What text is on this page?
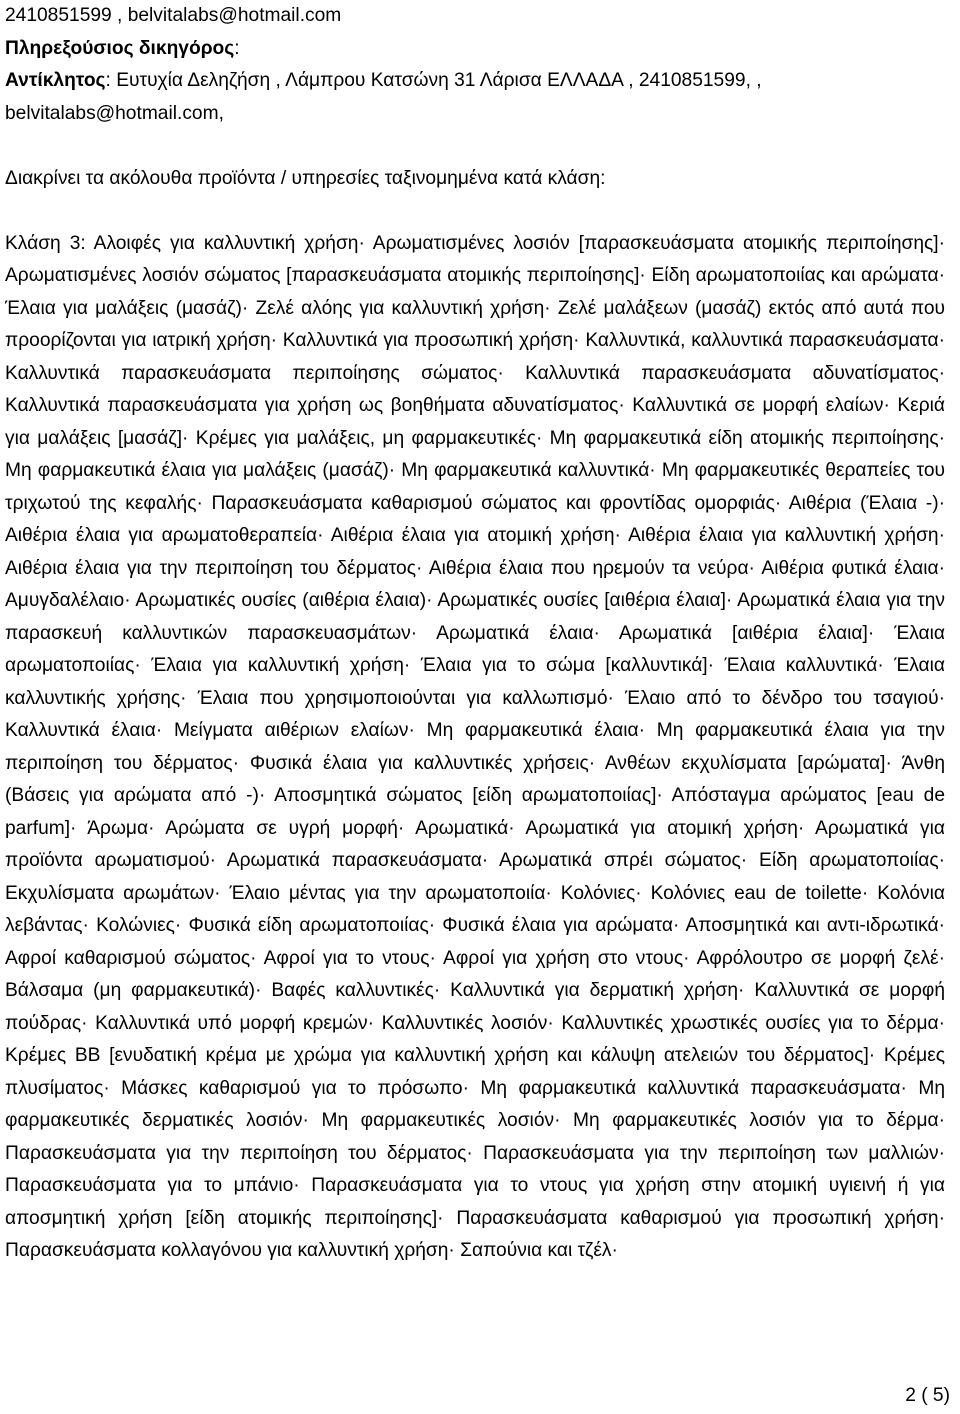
2410851599 , belvitalabs@hotmail.com
Πληρεξούσιος δικηγόρος:
Αντίκλητος: Ευτυχία Δεληζήση , Λάμπρου Κατσώνη 31 Λάρισα ΕΛΛΑΔΑ , 2410851599, ,
belvitalabs@hotmail.com,
Διακρίνει τα ακόλουθα προϊόντα / υπηρεσίες ταξινομημένα κατά κλάση:
Κλάση 3: Αλοιφές για καλλυντική χρήση· Αρωματισμένες λοσιόν [παρασκευάσματα ατομικής περιποίησης]· Αρωματισμένες λοσιόν σώματος [παρασκευάσματα ατομικής περιποίησης]· Είδη αρωματοποιίας και αρώματα· Έλαια για μαλάξεις (μασάζ)· Ζελέ αλόης για καλλυντική χρήση· Ζελέ μαλάξεων (μασάζ) εκτός από αυτά που προορίζονται για ιατρική χρήση· Καλλυντικά για προσωπική χρήση· Καλλυντικά, καλλυντικά παρασκευάσματα· Καλλυντικά παρασκευάσματα περιποίησης σώματος· Καλλυντικά παρασκευάσματα αδυνατίσματος· Καλλυντικά παρασκευάσματα για χρήση ως βοηθήματα αδυνατίσματος· Καλλυντικά σε μορφή ελαίων· Κεριά για μαλάξεις [μασάζ]· Κρέμες για μαλάξεις, μη φαρμακευτικές· Μη φαρμακευτικά είδη ατομικής περιποίησης· Μη φαρμακευτικά έλαια για μαλάξεις (μασάζ)· Μη φαρμακευτικά καλλυντικά· Μη φαρμακευτικές θεραπείες του τριχωτού της κεφαλής· Παρασκευάσματα καθαρισμού σώματος και φροντίδας ομορφιάς· Αιθέρια (Έλαια -)· Αιθέρια έλαια για αρωματοθεραπεία· Αιθέρια έλαια για ατομική χρήση· Αιθέρια έλαια για καλλυντική χρήση· Αιθέρια έλαια για την περιποίηση του δέρματος· Αιθέρια έλαια που ηρεμούν τα νεύρα· Αιθέρια φυτικά έλαια· Αμυγδαλέλαιο· Αρωματικές ουσίες (αιθέρια έλαια)· Αρωματικές ουσίες [αιθέρια έλαια]· Αρωματικά έλαια για την παρασκευή καλλυντικών παρασκευασμάτων· Αρωματικά έλαια· Αρωματικά [αιθέρια έλαια]· Έλαια αρωματοποιίας· Έλαια για καλλυντική χρήση· Έλαια για το σώμα [καλλυντικά]· Έλαια καλλυντικά· Έλαια καλλυντικής χρήσης· Έλαια που χρησιμοποιούνται για καλλωπισμό· Έλαιο από το δένδρο του τσαγιού· Καλλυντικά έλαια· Μείγματα αιθέριων ελαίων· Μη φαρμακευτικά έλαια· Μη φαρμακευτικά έλαια για την περιποίηση του δέρματος· Φυσικά έλαια για καλλυντικές χρήσεις· Ανθέων εκχυλίσματα [αρώματα]· Άνθη (Βάσεις για αρώματα από -)· Αποσμητικά σώματος [είδη αρωματοποιίας]· Απόσταγμα αρώματος [eau de parfum]· Άρωμα· Αρώματα σε υγρή μορφή· Αρωματικά· Αρωματικά για ατομική χρήση· Αρωματικά για προϊόντα αρωματισμού· Αρωματικά παρασκευάσματα· Αρωματικά σπρέι σώματος· Είδη αρωματοποιίας· Εκχυλίσματα αρωμάτων· Έλαιο μέντας για την αρωματοποιία· Κολόνιες· Κολόνιες eau de toilette· Κολόνια λεβάντας· Κολώνιες· Φυσικά είδη αρωματοποιίας· Φυσικά έλαια για αρώματα· Αποσμητικά και αντι-ιδρωτικά· Αφροί καθαρισμού σώματος· Αφροί για το ντους· Αφροί για χρήση στο ντους· Αφρόλουτρο σε μορφή ζελέ· Βάλσαμα (μη φαρμακευτικά)· Βαφές καλλυντικές· Καλλυντικά για δερματική χρήση· Καλλυντικά σε μορφή πούδρας· Καλλυντικά υπό μορφή κρεμών· Καλλυντικές λοσιόν· Καλλυντικές χρωστικές ουσίες για το δέρμα· Κρέμες BB [ενυδατική κρέμα με χρώμα για καλλυντική χρήση και κάλυψη ατελειών του δέρματος]· Κρέμες πλυσίματος· Μάσκες καθαρισμού για το πρόσωπο· Μη φαρμακευτικά καλλυντικά παρασκευάσματα· Μη φαρμακευτικές δερματικές λοσιόν· Μη φαρμακευτικές λοσιόν· Μη φαρμακευτικές λοσιόν για το δέρμα· Παρασκευάσματα για την περιποίηση του δέρματος· Παρασκευάσματα για την περιποίηση των μαλλιών· Παρασκευάσματα για το μπάνιο· Παρασκευάσματα για το ντους για χρήση στην ατομική υγιεινή ή για αποσμητική χρήση [είδη ατομικής περιποίησης]· Παρασκευάσματα καθαρισμού για προσωπική χρήση· Παρασκευάσματα κολλαγόνου για καλλυντική χρήση· Σαπούνια και τζέλ·
2 ( 5)
